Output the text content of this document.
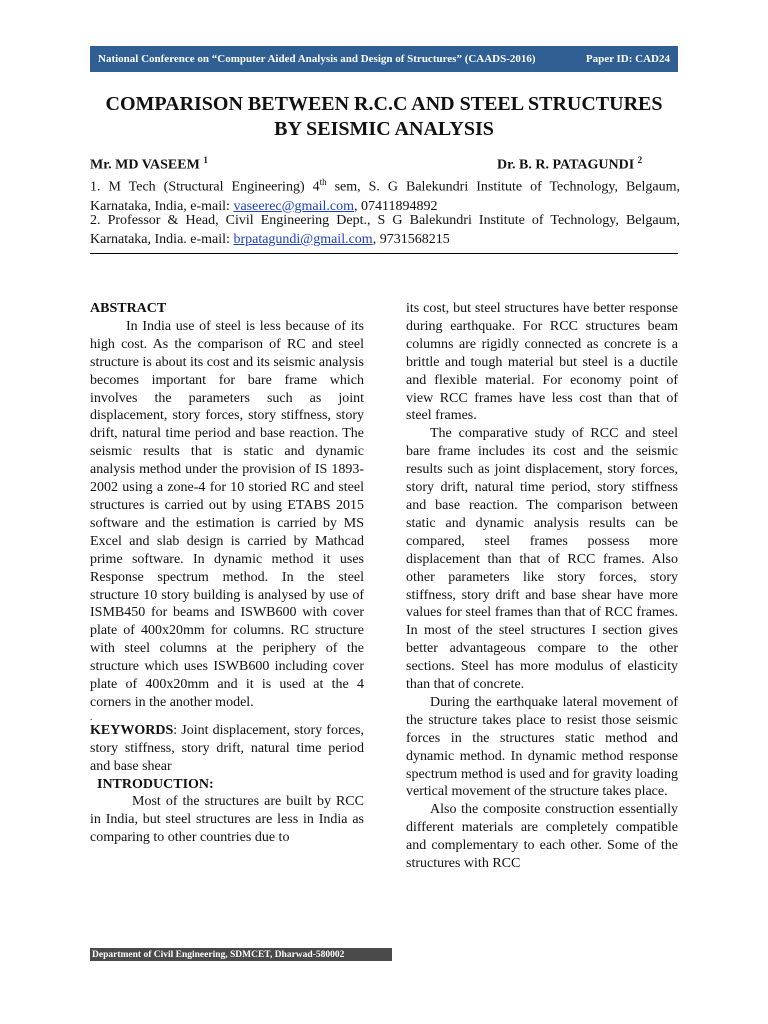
National Conference on “Computer Aided Analysis and Design of Structures” (CAADS-2016)	Paper ID: CAD24
COMPARISON BETWEEN R.C.C AND STEEL STRUCTURES
BY SEISMIC ANALYSIS
Mr. MD VASEEM $^1$	Dr. B. R. PATAGUNDI $^2$

1. M Tech (Structural Engineering) 4th sem, S. G Balekundri Institute of Technology, Belgaum, Karnataka, India, e-mail: vaseerec@gmail.com, 07411894892

2. Professor & Head, Civil Engineering Dept., S G Balekundri Institute of Technology, Belgaum, Karnataka, India. e-mail: brpatagundi@gmail.com, 9731568215

ABSTRACT

In India use of steel is less because of its high cost. As the comparison of RC and steel structure is about its cost and its seismic analysis becomes important for bare frame which involves the parameters such as joint displacement, story forces, story stiffness, story drift, natural time period and base reaction. The seismic results that is static and dynamic analysis method under the provision of IS 1893-2002 using a zone-4 for 10 storied RC and steel structures is carried out by using ETABS 2015 software and the estimation is carried by MS Excel and slab design is carried by Mathcad prime software. In dynamic method it uses Response spectrum method. In the steel structure 10 story building is analysed by use of ISMB450 for beams and ISWB600 with cover plate of 400x20mm for columns. RC structure with steel columns at the periphery of the structure which uses ISWB600 including cover plate of 400x20mm and it is used at the 4 corners in the another model.

.

KEYWORDS: Joint displacement, story forces, story stiffness, story drift, natural time period and base shear

INTRODUCTION:

Most of the structures are built by RCC in India, but steel structures are less in India as comparing to other countries due to

its cost, but steel structures have better response during earthquake. For RCC structures beam columns are rigidly connected as concrete is a brittle and tough material but steel is a ductile and flexible material. For economy point of view RCC frames have less cost than that of steel frames.

The comparative study of RCC and steel bare frame includes its cost and the seismic results such as joint displacement, story forces, story drift, natural time period, story stiffness and base reaction. The comparison between static and dynamic analysis results can be compared, steel frames possess more displacement than that of RCC frames. Also other parameters like story forces, story stiffness, story drift and base shear have more values for steel frames than that of RCC frames. In most of the steel structures I section gives better advantageous compare to the other sections. Steel has more modulus of elasticity than that of concrete.

During the earthquake lateral movement of the structure takes place to resist those seismic forces in the structures static method and dynamic method. In dynamic method response spectrum method is used and for gravity loading vertical movement of the structure takes place.

Also the composite construction essentially different materials are completely compatible and complementary to each other. Some of the structures with RCC

Department of Civil Engineering, SDMCET, Dharwad-580002
